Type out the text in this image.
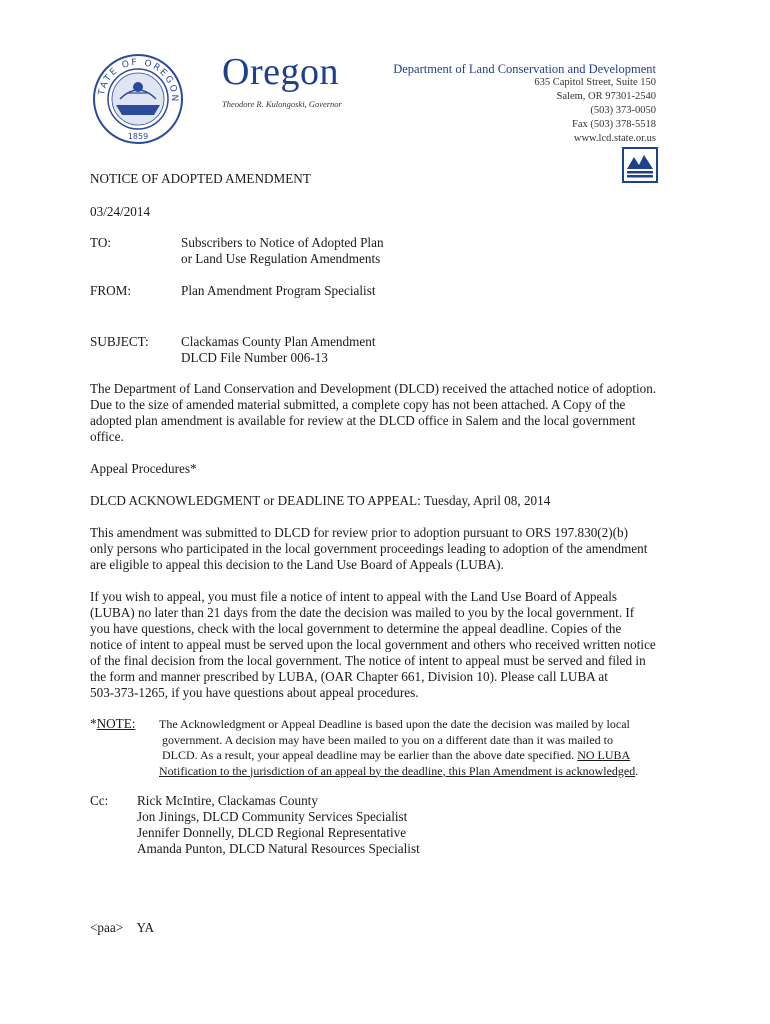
TATE OF OREGON
1859
Oregon
Theodore R. Kulongoski, Governor
Department of Land Conservation and Development
635 Capitol Street, Suite 150
Salem, OR 97301-2540
(503) 373-0050
Fax (503) 378-5518
www.lcd.state.or.us
NOTICE OF ADOPTED AMENDMENT
03/24/2014
TO:	Subscribers to Notice of Adopted Plan
or Land Use Regulation Amendments
FROM:	Plan Amendment Program Specialist
SUBJECT: Clackamas County Plan Amendment
DLCD File Number 006-13
The Department of Land Conservation and Development (DLCD) received the attached notice of adoption.
Due to the size of amended material submitted, a complete copy has not been attached. A Copy of the
adopted plan amendment is available for review at the DLCD office in Salem and the local government
office.
Appeal Procedures*
DLCD ACKNOWLEDGMENT or DEADLINE TO APPEAL: Tuesday, April 08, 2014
This amendment was submitted to DLCD for review prior to adoption pursuant to ORS 197.830(2)(b)
only persons who participated in the local government proceedings leading to adoption of the amendment
are eligible to appeal this decision to the Land Use Board of Appeals (LUBA).
If you wish to appeal, you must file a notice of intent to appeal with the Land Use Board of Appeals
(LUBA) no later than 21 days from the date the decision was mailed to you by the local government. If
you have questions, check with the local government to determine the appeal deadline. Copies of the
notice of intent to appeal must be served upon the local government and others who received written notice
of the final decision from the local government. The notice of intent to appeal must be served and filed in
the form and manner prescribed by LUBA, (OAR Chapter 661, Division 10). Please call LUBA at
503-373-1265, if you have questions about appeal procedures.
*NOTE: The Acknowledgment or Appeal Deadline is based upon the date the decision was mailed by local
government. A decision may have been mailed to you on a different date than it was mailed to
DLCD. As a result, your appeal deadline may be earlier than the above date specified. NO LUBA
Notification to the jurisdiction of an appeal by the deadline, this Plan Amendment is acknowledged.
Cc: Rick McIntire, Clackamas County
Jon Jinings, DLCD Community Services Specialist
Jennifer Donnelly, DLCD Regional Representative
Amanda Punton, DLCD Natural Resources Specialist
<paa> YA
